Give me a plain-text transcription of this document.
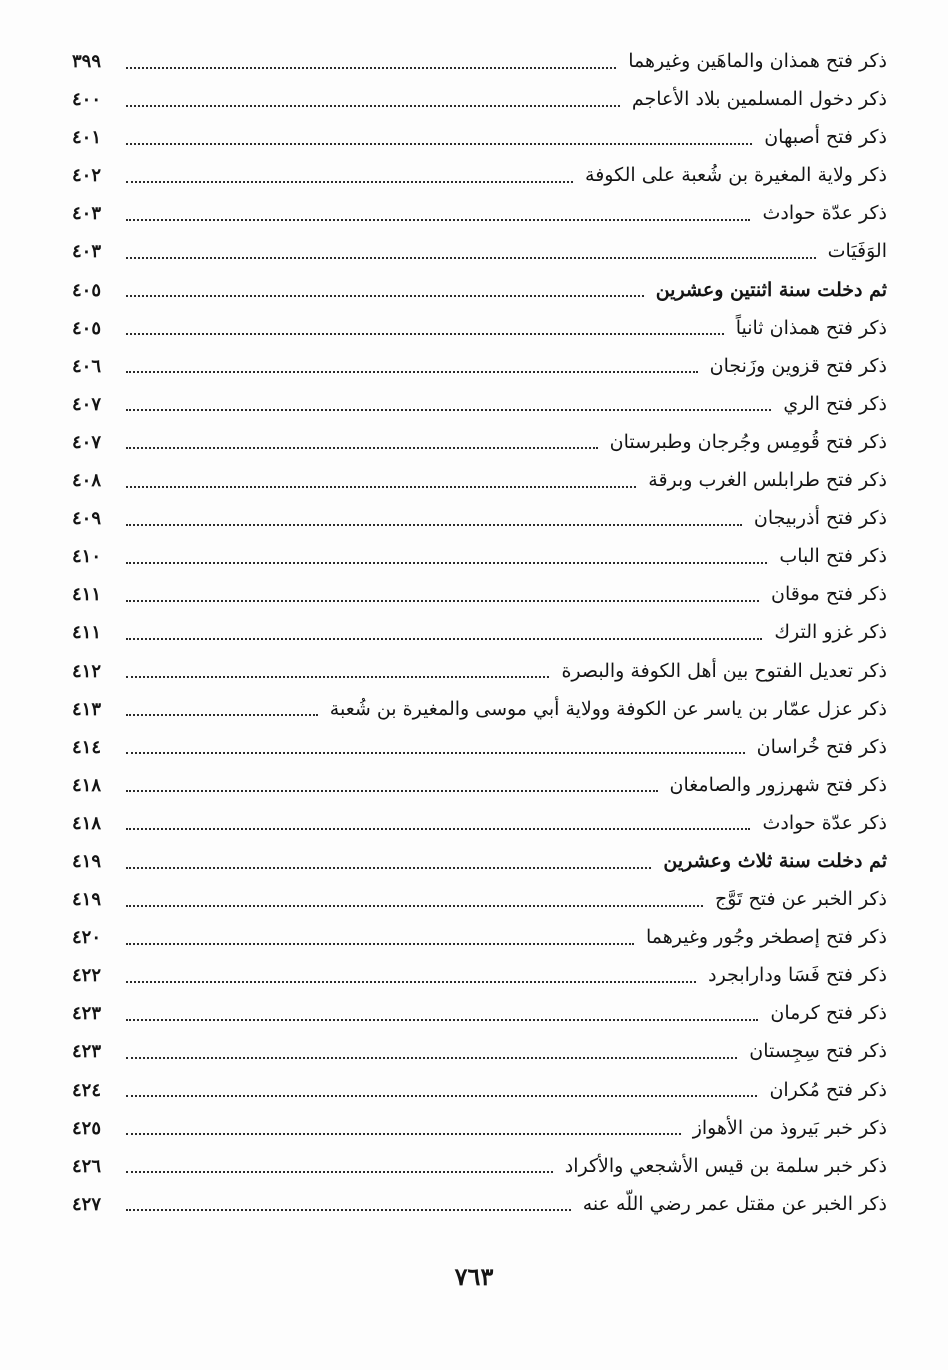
ذكر فتح همذان والماهَين وغيرهما
٣٩٩
ذكر دخول المسلمين بلاد الأعاجم
٤٠٠
ذكر فتح أصبهان
٤٠١
ذكر ولاية المغيرة بن شُعبة على الكوفة
٤٠٢
ذكر عدّة حوادث
٤٠٣
الوَفَيَات
٤٠٣
ثم دخلت سنة اثنتين وعشرين
٤٠٥
ذكر فتح همذان ثانياً
٤٠٥
ذكر فتح قزوين وزَنجان
٤٠٦
ذكر فتح الري
٤٠٧
ذكر فتح قُومِس وجُرجان وطبرستان
٤٠٧
ذكر فتح طرابلس الغرب وبرقة
٤٠٨
ذكر فتح أذربيجان
٤٠٩
ذكر فتح الباب
٤١٠
ذكر فتح موقان
٤١١
ذكر غزو الترك
٤١١
ذكر تعديل الفتوح بين أهل الكوفة والبصرة
٤١٢
ذكر عزل عمّار بن ياسر عن الكوفة وولاية أبي موسى والمغيرة بن شُعبة
٤١٣
ذكر فتح خُراسان
٤١٤
ذكر فتح شهرزور والصامغان
٤١٨
ذكر عدّة حوادث
٤١٨
ثم دخلت سنة ثلاث وعشرين
٤١٩
ذكر الخبر عن فتح تَوَّج
٤١٩
ذكر فتح إصطخر وجُور وغيرهما
٤٢٠
ذكر فتح فَسَا ودارابجرد
٤٢٢
ذكر فتح كرمان
٤٢٣
ذكر فتح سِجِستان
٤٢٣
ذكر فتح مُكران
٤٢٤
ذكر خبر بَيروذ من الأهواز
٤٢٥
ذكر خبر سلمة بن قيس الأشجعي والأكراد
٤٢٦
ذكر الخبر عن مقتل عمر رضي اللّه عنه
٤٢٧
٧٦٣
